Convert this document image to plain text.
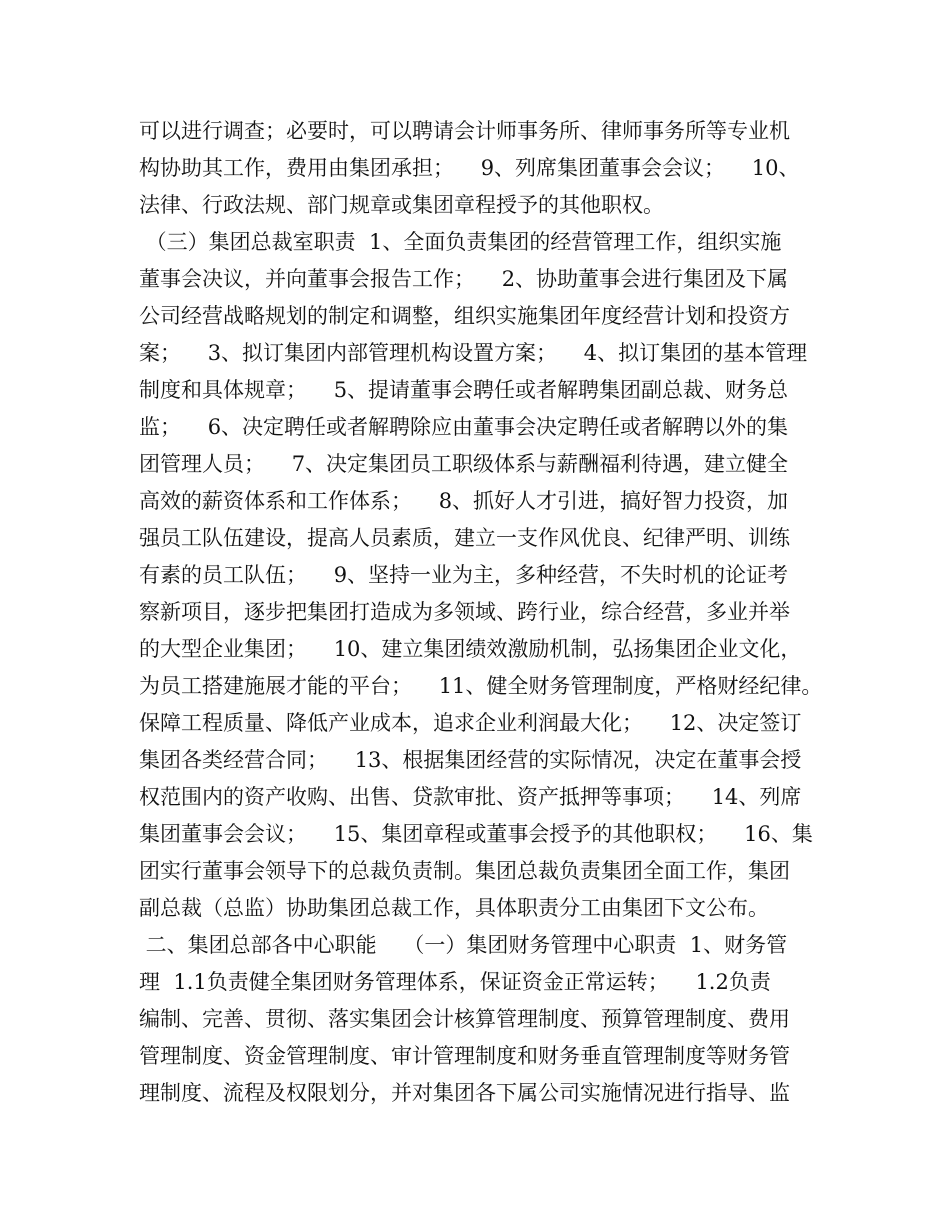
可以进行调查；必要时，可以聘请会计师事务所、律师事务所等专业机
构协助其工作，费用由集团承担；    9、列席集团董事会会议；    10、
法律、行政法规、部门规章或集团章程授予的其他职权。
（三）集团总裁室职责  1、全面负责集团的经营管理工作，组织实施
董事会决议，并向董事会报告工作；    2、协助董事会进行集团及下属
公司经营战略规划的制定和调整，组织实施集团年度经营计划和投资方
案；    3、拟订集团内部管理机构设置方案；    4、拟订集团的基本管理
制度和具体规章；    5、提请董事会聘任或者解聘集团副总裁、财务总
监；    6、决定聘任或者解聘除应由董事会决定聘任或者解聘以外的集
团管理人员；    7、决定集团员工职级体系与薪酬福利待遇，建立健全
高效的薪资体系和工作体系；    8、抓好人才引进，搞好智力投资，加
强员工队伍建设，提高人员素质，建立一支作风优良、纪律严明、训练
有素的员工队伍；    9、坚持一业为主，多种经营，不失时机的论证考
察新项目，逐步把集团打造成为多领域、跨行业，综合经营，多业并举
的大型企业集团；    10、建立集团绩效激励机制，弘扬集团企业文化，
为员工搭建施展才能的平台；    11、健全财务管理制度，严格财经纪律。
保障工程质量、降低产业成本，追求企业利润最大化；    12、决定签订
集团各类经营合同；    13、根据集团经营的实际情况，决定在董事会授
权范围内的资产收购、出售、贷款审批、资产抵押等事项；    14、列席
集团董事会会议；    15、集团章程或董事会授予的其他职权；    16、集
团实行董事会领导下的总裁负责制。集团总裁负责集团全面工作，集团
副总裁（总监）协助集团总裁工作，具体职责分工由集团下文公布。
二、集团总部各中心职能    （一）集团财务管理中心职责  1、财务管
理  1.1负责健全集团财务管理体系，保证资金正常运转；    1.2负责
编制、完善、贯彻、落实集团会计核算管理制度、预算管理制度、费用
管理制度、资金管理制度、审计管理制度和财务垂直管理制度等财务管
理制度、流程及权限划分，并对集团各下属公司实施情况进行指导、监
